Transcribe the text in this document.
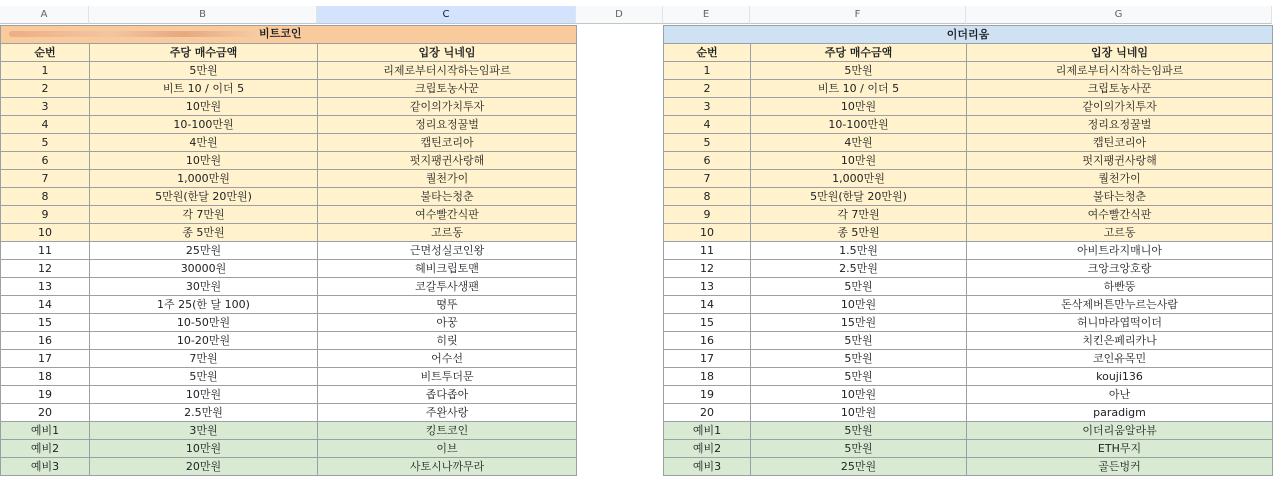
A	B	C	D	E	F	G
비트코인		

순번	주당 매수금액	입장 닉네임
1	5만원	리제로부터시작하는임파르
2	비트 10 / 이더 5	크립토농사꾼
3	10만원	같이의가치투자
4	10-100만원	정리요정꿀벌
5	4만원	캡틴코리아
6	10만원	펏지팽귄사랑해
7	1,000만원	퀄천가이
8	5만원(한달 20만원)	불타는청춘
9	각 7만원	여수빨간식판
10	종 5만원	고르동
11	25만원	근면성실코인왕
12	30000원	헤비크립토맨
13	30만원	코갈투사생팬
14	1주 25(한 달 100)	뗭뚜
15	10-50만원	아꿍
16	10-20만원	히릿
17	7만원	어수선
18	5만원	비트투더문
19	10만원	좁다좁아
20	2.5만원	주완사랑
예비1	3만원	킹트코인
예비2	10만원	이브
예비3	20만원	사토시나까무라
이더리움		
순번	주당 매수금액	입장 닉네임
1	5만원	리제로부터시작하는임파르
2	비트 10 / 이더 5	크립토농사꾼
3	10만원	같이의가치투자
4	10-100만원	정리요정꿀벌
5	4만원	캡틴코리아
6	10만원	펏지팽귄사랑해
7	1,000만원	퀄천가이
8	5만원(한달 20만원)	불타는청춘
9	각 7만원	여수빨간식판
10	종 5만원	고르동
11	1.5만원	아비트라지매니아
12	2.5만원	크앙크앙호랑
13	5만원	하빤뚱
14	10만원	돈삭제버튼만누르는사람
15	15만원	허니마라엽떡이더
16	5만원	치킨은페리카나
17	5만원	코인유목민
18	5만원	kouji136
19	10만원	아난
20	10만원	paradigm
예비1	5만원	이더리움알라뷰
예비2	5만원	ETH무지
예비3	25만원	골든벙커
